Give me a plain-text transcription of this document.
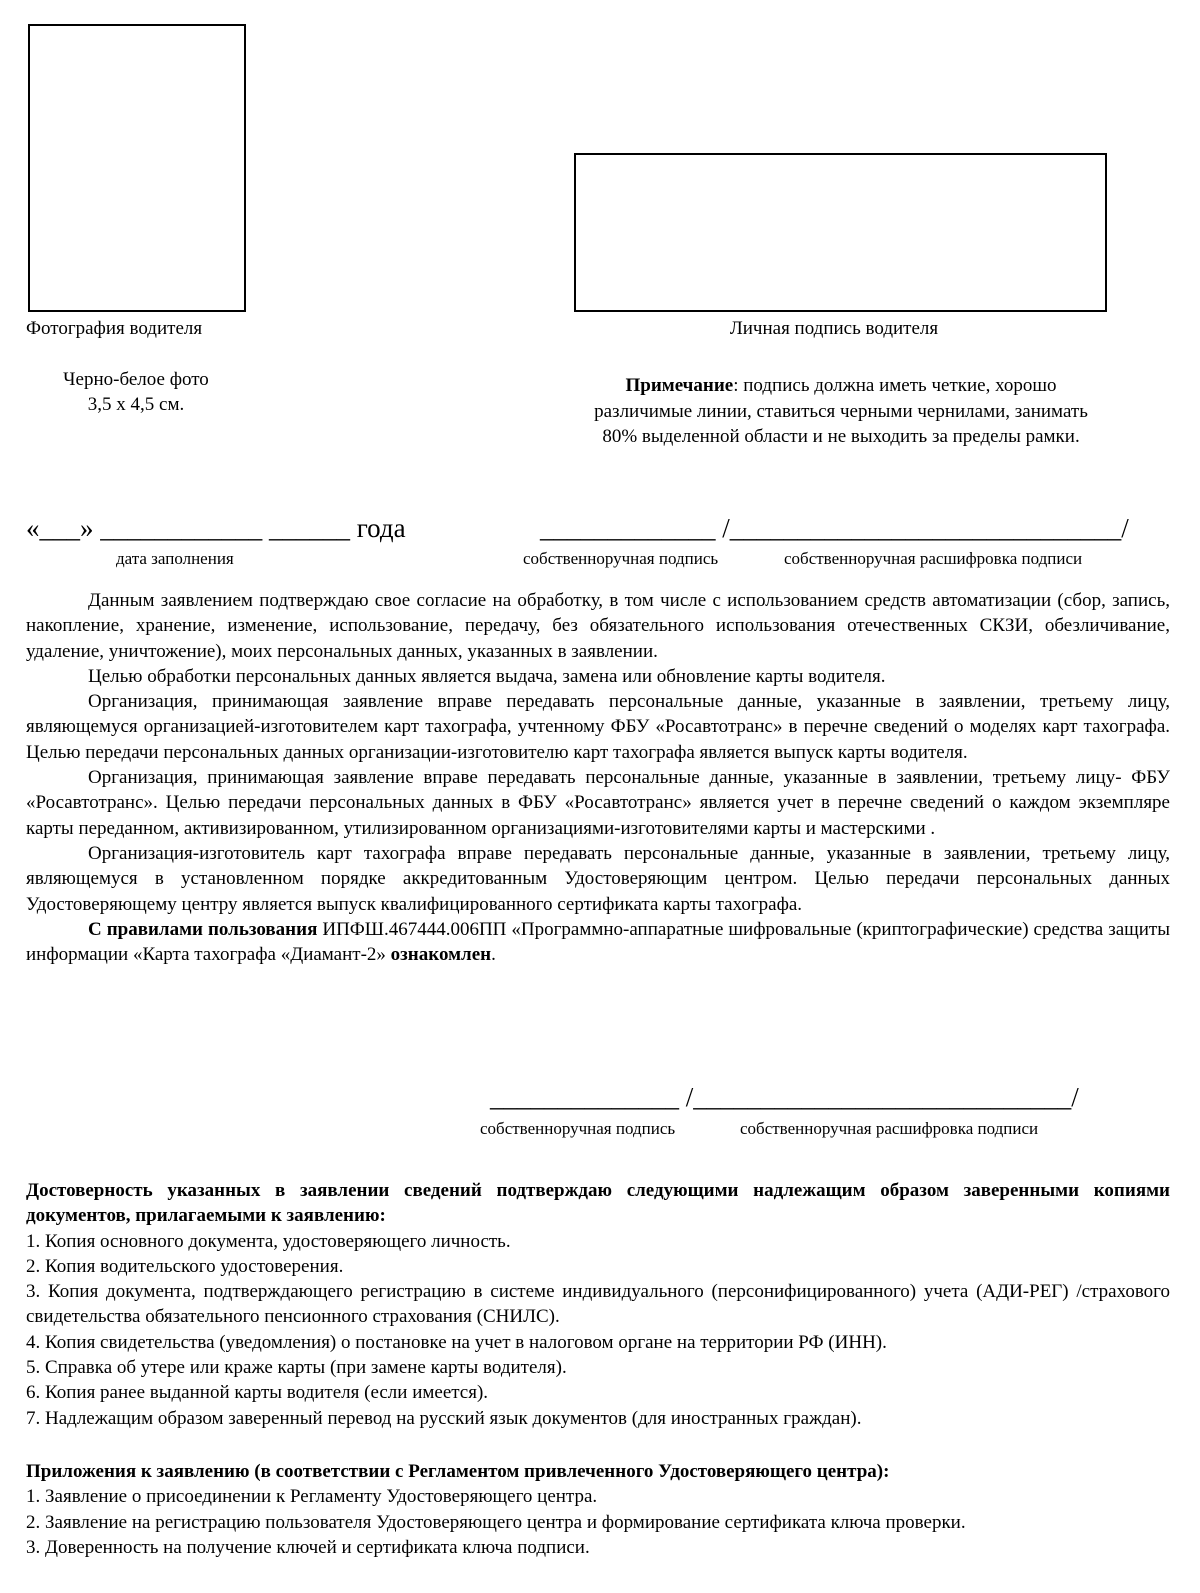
Фотография водителя
Черно-белое фото
3,5 х 4,5 см.
Личная подпись водителя
Примечание: подпись должна иметь четкие, хорошо различимые линии, ставиться черными чернилами, занимать 80% выделенной области и не выходить за пределы рамки.
«___» ____________ ______ года
дата заполнения
_____________ /_____________________________/
собственноручная подпись	собственноручная расшифровка подписи

Данным заявлением подтверждаю свое согласие на обработку, в том числе с использованием средств автоматизации (сбор, запись, накопление, хранение, изменение, использование, передачу, без обязательного использования отечественных СКЗИ, обезличивание, удаление, уничтожение), моих персональных данных, указанных в заявлении.

Целью обработки персональных данных является выдача, замена или обновление карты водителя.

Организация, принимающая заявление вправе передавать персональные данные, указанные в заявлении, третьему лицу, являющемуся организацией-изготовителем карт тахографа, учтенному ФБУ «Росавтотранс» в перечне сведений о моделях карт тахографа. Целью передачи персональных данных организации-изготовителю карт тахографа является выпуск карты водителя.

Организация, принимающая заявление вправе передавать персональные данные, указанные в заявлении, третьему лицу- ФБУ «Росавтотранс». Целью передачи персональных данных в ФБУ «Росавтотранс» является учет в перечне сведений о каждом экземпляре карты переданном, активизированном, утилизированном организациями-изготовителями карты и мастерскими .

Организация-изготовитель карт тахографа вправе передавать персональные данные, указанные в заявлении, третьему лицу, являющемуся в установленном порядке аккредитованным Удостоверяющим центром. Целью передачи персональных данных Удостоверяющему центру является выпуск квалифицированного сертификата карты тахографа.

С правилами пользования ИПФШ.467444.006ПП «Программно-аппаратные шифровальные (криптографические) средства защиты информации «Карта тахографа «Диамант-2» ознакомлен.

______________ /____________________________/
собственноручная подпись	собственноручная расшифровка подписи

Достоверность указанных в заявлении сведений подтверждаю следующими надлежащим образом заверенными копиями документов, прилагаемыми к заявлению:

1. Копия основного документа, удостоверяющего личность.
2. Копия водительского удостоверения.
3. Копия документа, подтверждающего регистрацию в системе индивидуального (персонифицированного) учета (АДИ-РЕГ) /страхового свидетельства обязательного пенсионного страхования (СНИЛС).
4. Копия свидетельства (уведомления) о постановке на учет в налоговом органе на территории РФ (ИНН).
5. Справка об утере или краже карты (при замене карты водителя).
6. Копия ранее выданной карты водителя (если имеется).
7. Надлежащим образом заверенный перевод на русский язык документов (для иностранных граждан).

Приложения к заявлению (в соответствии с Регламентом привлеченного Удостоверяющего центра):

1. Заявление о присоединении к Регламенту Удостоверяющего центра.
2. Заявление на регистрацию пользователя Удостоверяющего центра и формирование сертификата ключа проверки.
3. Доверенность на получение ключей и сертификата ключа подписи.
